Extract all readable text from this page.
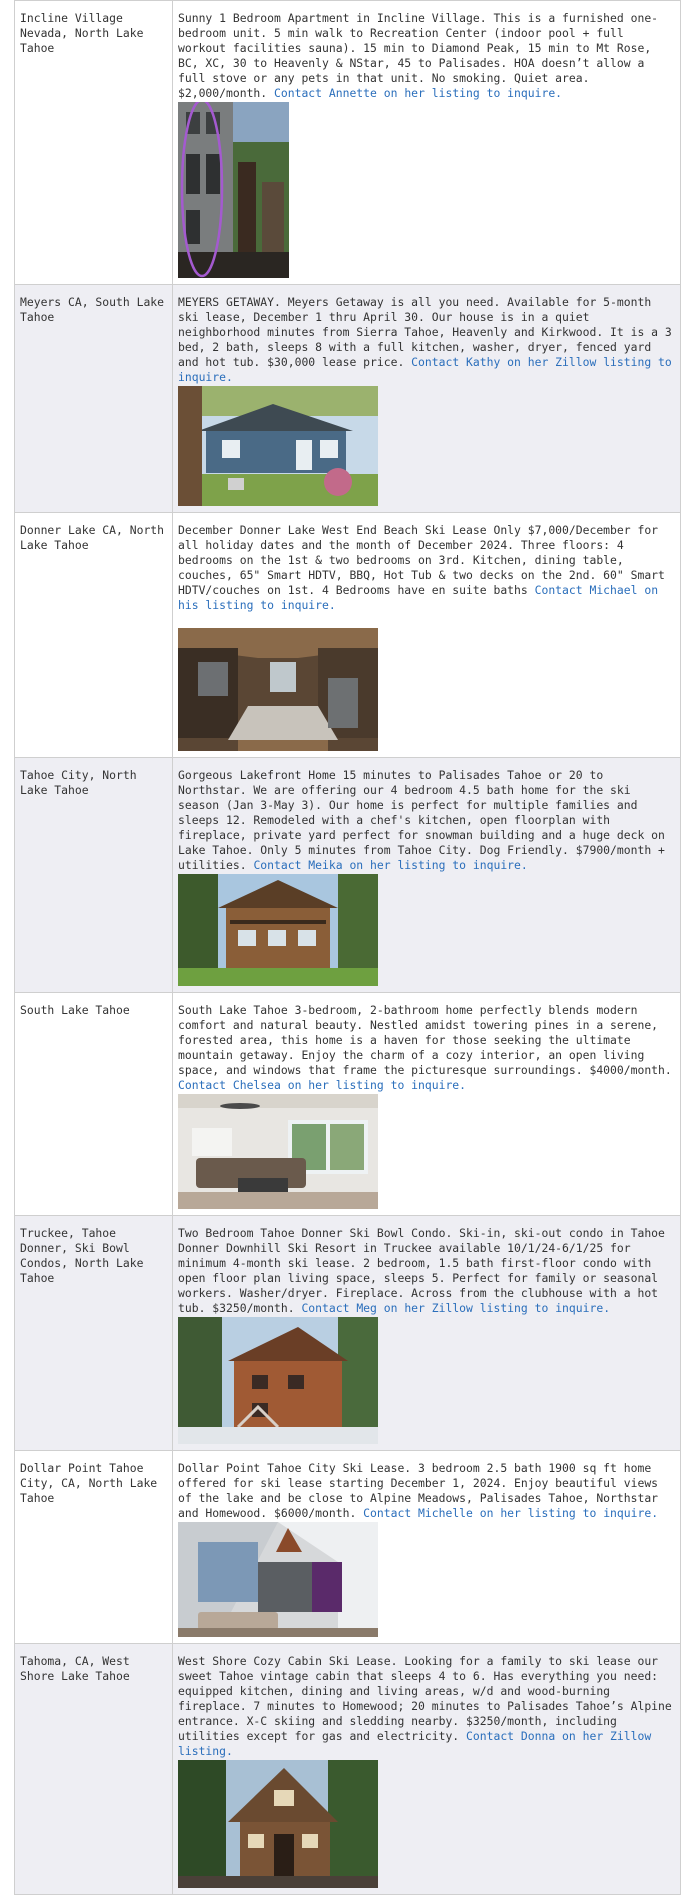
Incline Village Nevada, North Lake Tahoe	Sunny 1 Bedroom Apartment in Incline Village. This is a furnished one-bedroom unit. 5 min walk to Recreation Center (indoor pool + full workout facilities sauna). 15 min to Diamond Peak, 15 min to Mt Rose, BC, XC, 30 to Heavenly & NStar, 45 to Palisades. HOA doesn’t allow a full stove or any pets in that unit. No smoking. Quiet area. $2,000/month. Contact Annette on her listing to inquire.

Meyers CA, South Lake Tahoe	MEYERS GETAWAY. Meyers Getaway is all you need. Available for 5-month ski lease, December 1 thru April 30. Our house is in a quiet neighborhood minutes from Sierra Tahoe, Heavenly and Kirkwood. It is a 3 bed, 2 bath, sleeps 8 with a full kitchen, washer, dryer, fenced yard and hot tub. $30,000 lease price. Contact Kathy on her Zillow listing to inquire.

Donner Lake CA, North Lake Tahoe	December Donner Lake West End Beach Ski Lease Only $7,000/December for all holiday dates and the month of December 2024. Three floors: 4 bedrooms on the 1st & two bedrooms on 3rd. Kitchen, dining table, couches, 65" Smart HDTV, BBQ, Hot Tub & two decks on the 2nd. 60" Smart HDTV/couches on 1st. 4 Bedrooms have en suite baths Contact Michael on his listing to inquire.

Tahoe City, North Lake Tahoe	Gorgeous Lakefront Home 15 minutes to Palisades Tahoe or 20 to Northstar. We are offering our 4 bedroom 4.5 bath home for the ski season (Jan 3-May 3). Our home is perfect for multiple families and sleeps 12. Remodeled with a chef's kitchen, open floorplan with fireplace, private yard perfect for snowman building and a huge deck on Lake Tahoe. Only 5 minutes from Tahoe City. Dog Friendly. $7900/month + utilities. Contact Meika on her listing to inquire.

South Lake Tahoe	South Lake Tahoe 3-bedroom, 2-bathroom home perfectly blends modern comfort and natural beauty. Nestled amidst towering pines in a serene, forested area, this home is a haven for those seeking the ultimate mountain getaway. Enjoy the charm of a cozy interior, an open living space, and windows that frame the picturesque surroundings. $4000/month. Contact Chelsea on her listing to inquire.

Truckee, Tahoe Donner, Ski Bowl Condos, North Lake Tahoe	Two Bedroom Tahoe Donner Ski Bowl Condo. Ski-in, ski-out condo in Tahoe Donner Downhill Ski Resort in Truckee available 10/1/24-6/1/25 for minimum 4-month ski lease. 2 bedroom, 1.5 bath first-floor condo with open floor plan living space, sleeps 5. Perfect for family or seasonal workers. Washer/dryer. Fireplace. Across from the clubhouse with a hot tub. $3250/month. Contact Meg on her Zillow listing to inquire.

Dollar Point Tahoe City, CA, North Lake Tahoe	Dollar Point Tahoe City Ski Lease. 3 bedroom 2.5 bath 1900 sq ft home offered for ski lease starting December 1, 2024. Enjoy beautiful views of the lake and be close to Alpine Meadows, Palisades Tahoe, Northstar and Homewood. $6000/month. Contact Michelle on her listing to inquire.

Tahoma, CA, West Shore Lake Tahoe	West Shore Cozy Cabin Ski Lease. Looking for a family to ski lease our sweet Tahoe vintage cabin that sleeps 4 to 6. Has everything you need: equipped kitchen, dining and living areas, w/d and wood-burning fireplace. 7 minutes to Homewood; 20 minutes to Palisades Tahoe’s Alpine entrance. X-C skiing and sledding nearby. $3250/month, including utilities except for gas and electricity. Contact Donna on her Zillow listing.
